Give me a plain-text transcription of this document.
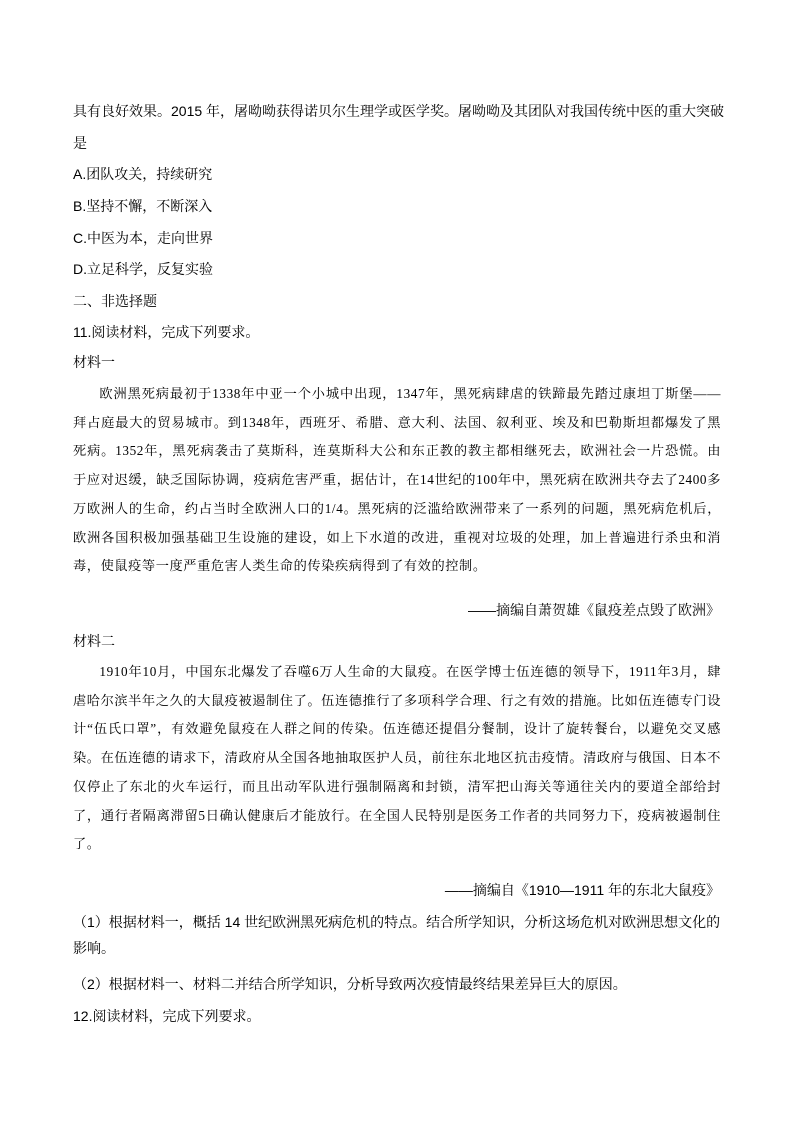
具有良好效果。2015 年，屠呦呦获得诺贝尔生理学或医学奖。屠呦呦及其团队对我国传统中医的重大突破
是
A.团队攻关，持续研究
B.坚持不懈，不断深入
C.中医为本，走向世界
D.立足科学，反复实验
二、非选择题
11.阅读材料，完成下列要求。
材料一
欧洲黑死病最初于1338年中亚一个小城中出现，1347年，黑死病肆虐的铁蹄最先踏过康坦丁斯堡——拜占庭最大的贸易城市。到1348年，西班牙、希腊、意大利、法国、叙利亚、埃及和巴勒斯坦都爆发了黑死病。1352年，黑死病袭击了莫斯科，连莫斯科大公和东正教的教主都相继死去，欧洲社会一片恐慌。由于应对迟缓，缺乏国际协调，疫病危害严重，据估计，在14世纪的100年中，黑死病在欧洲共夺去了2400多万欧洲人的生命，约占当时全欧洲人口的1/4。黑死病的泛滥给欧洲带来了一系列的问题，黑死病危机后，欧洲各国积极加强基础卫生设施的建设，如上下水道的改进，重视对垃圾的处理，加上普遍进行杀虫和消毒，使鼠疫等一度严重危害人类生命的传染疾病得到了有效的控制。
——摘编自萧贺雄《鼠疫差点毁了欧洲》
材料二
1910年10月，中国东北爆发了吞噬6万人生命的大鼠疫。在医学博士伍连德的领导下，1911年3月，肆虐哈尔滨半年之久的大鼠疫被遏制住了。伍连德推行了多项科学合理、行之有效的措施。比如伍连德专门设计“伍氏口罩”，有效避免鼠疫在人群之间的传染。伍连德还提倡分餐制，设计了旋转餐台，以避免交叉感染。在伍连德的请求下，清政府从全国各地抽取医护人员，前往东北地区抗击疫情。清政府与俄国、日本不仅停止了东北的火车运行，而且出动军队进行强制隔离和封锁，清军把山海关等通往关内的要道全部给封了，通行者隔离滞留5日确认健康后才能放行。在全国人民特别是医务工作者的共同努力下，疫病被遏制住了。
——摘编自《1910—1911 年的东北大鼠疫》
（1）根据材料一，概括 14 世纪欧洲黑死病危机的特点。结合所学知识，分析这场危机对欧洲思想文化的影响。
（2）根据材料一、材料二并结合所学知识，分析导致两次疫情最终结果差异巨大的原因。
12.阅读材料，完成下列要求。
